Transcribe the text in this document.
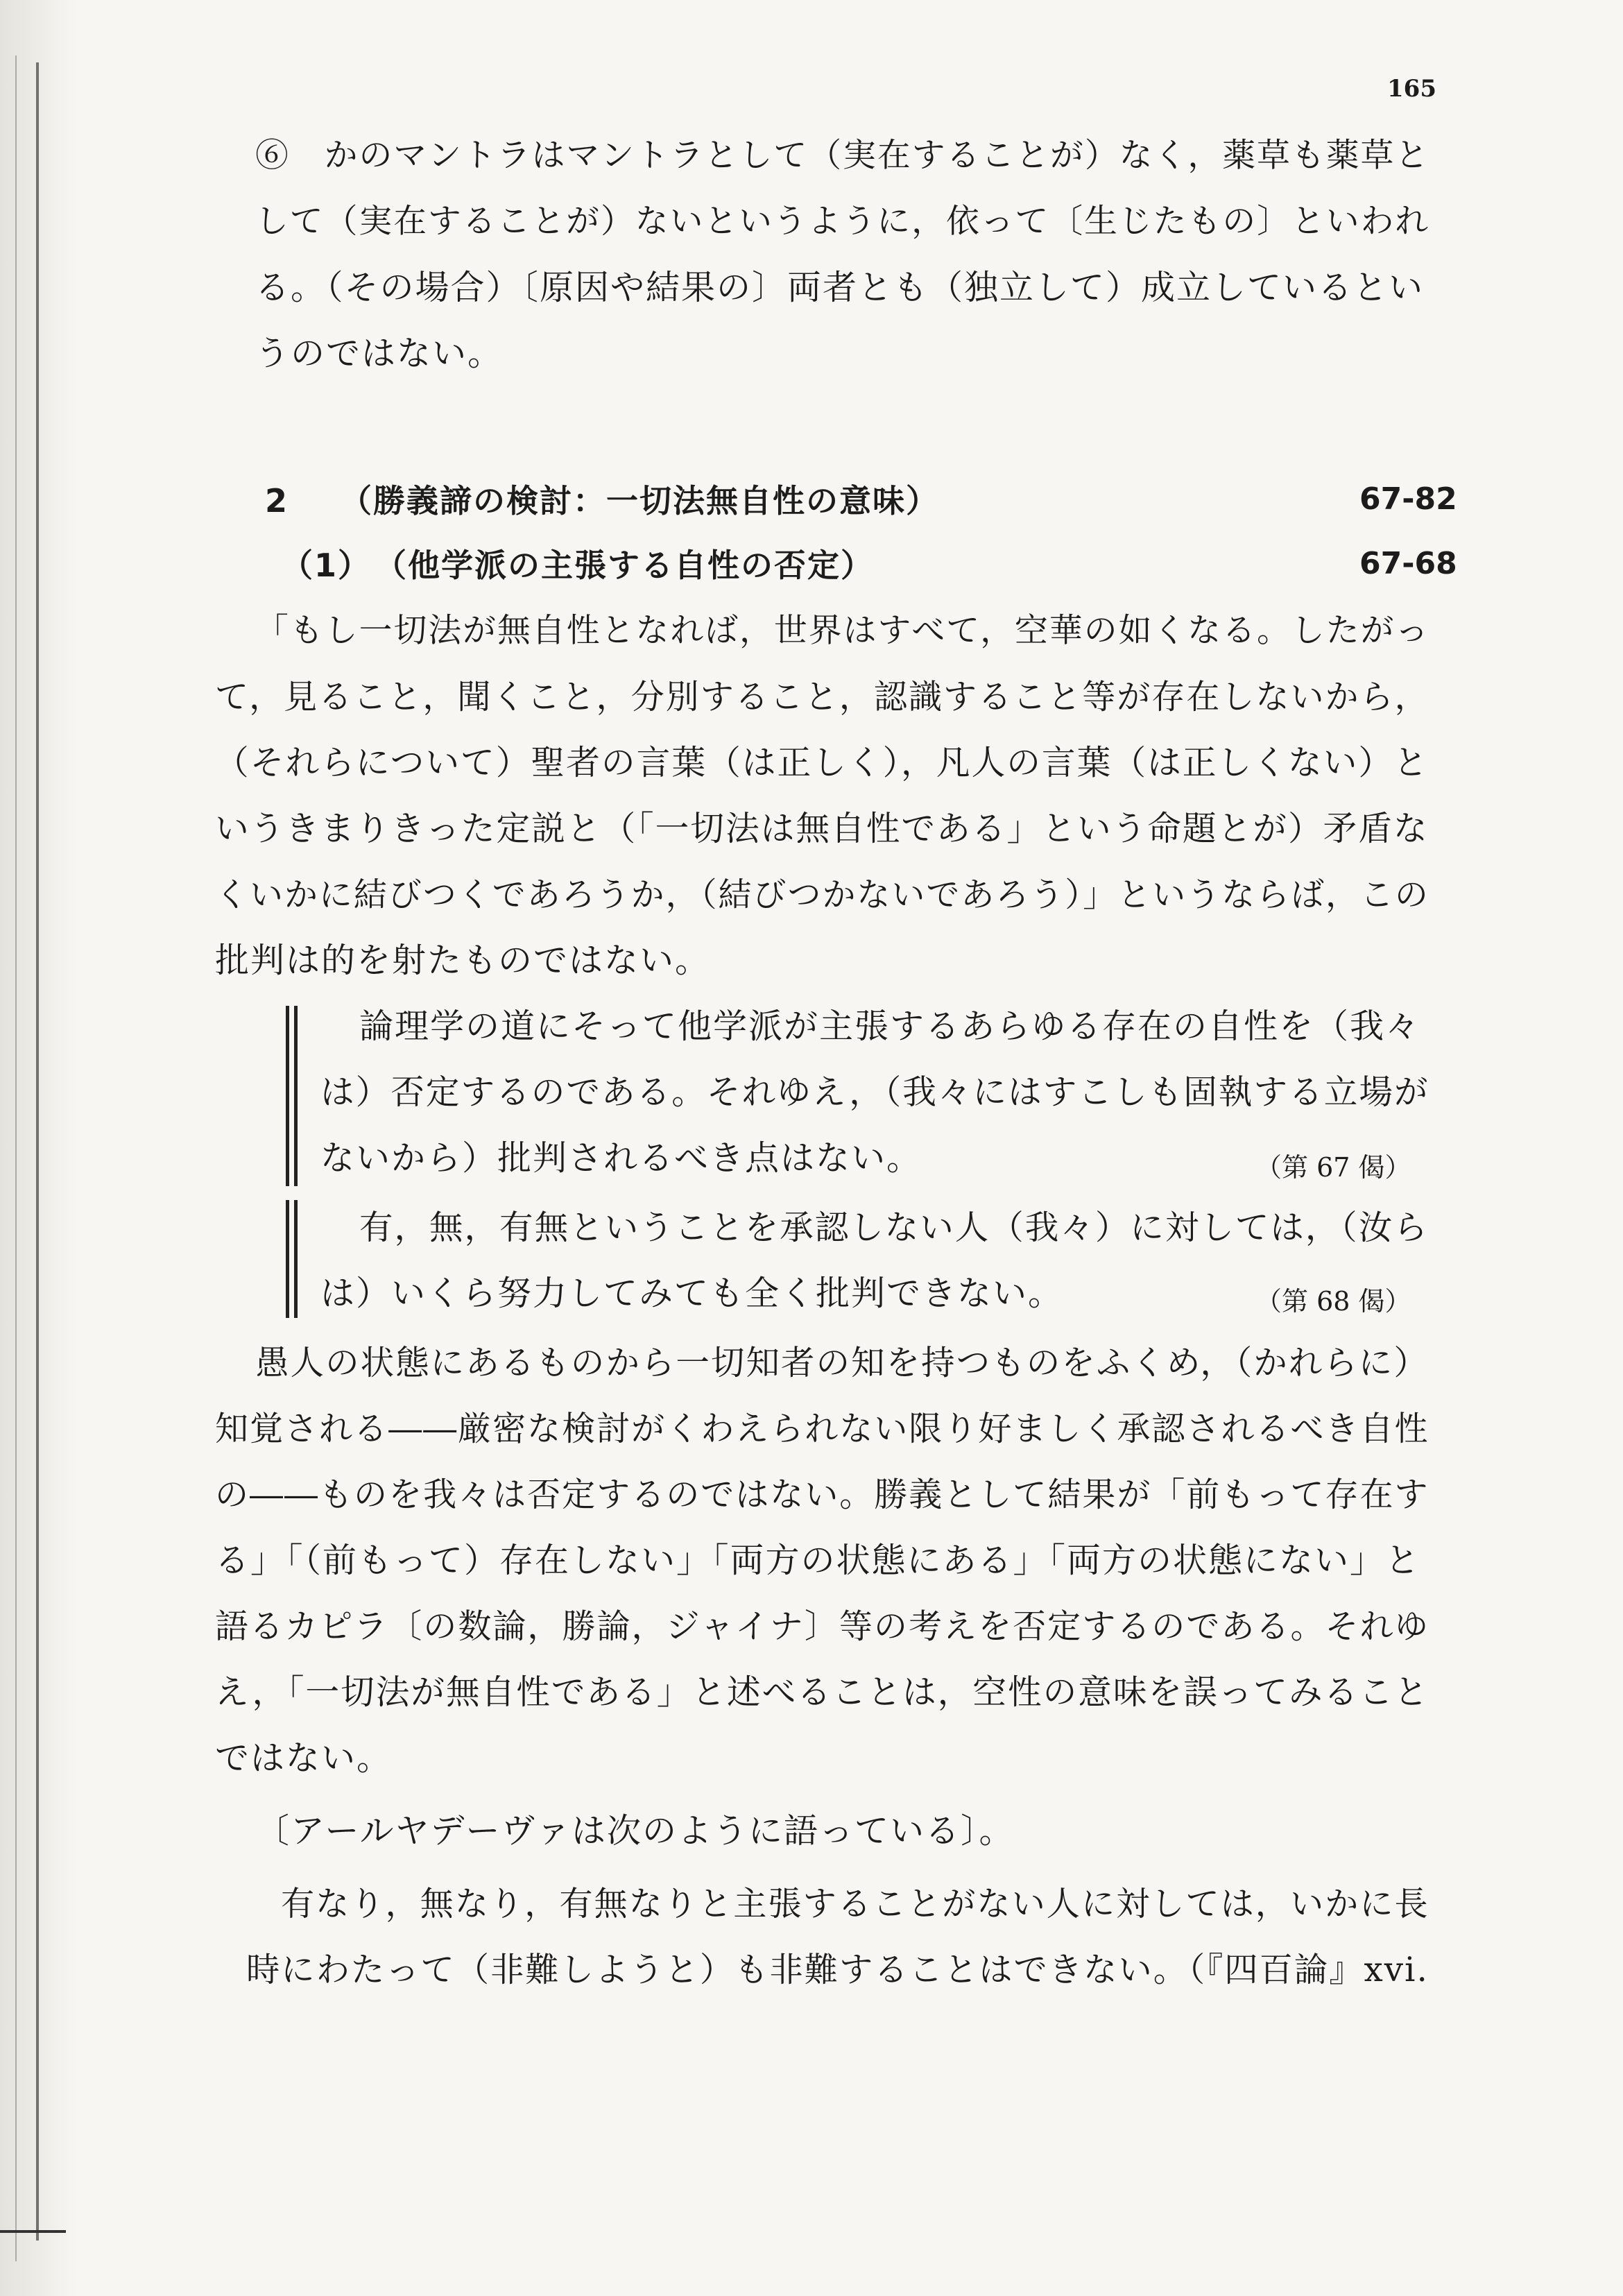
165
⑥　かのマントラはマントラとして（実在することが）なく，薬草も薬草と
して（実在することが）ないというように，依って〔生じたもの〕といわれ
る。（その場合）〔原因や結果の〕両者とも（独立して）成立しているとい
うのではない。
2 （勝義諦の検討：一切法無自性の意味）	67-82
（1） （他学派の主張する自性の否定）	67-68
「もし一切法が無自性となれば，世界はすべて，空華の如くなる。したがっ
て，見ること，聞くこと，分別すること，認識すること等が存在しないから，
（それらについて）聖者の言葉（は正しく），凡人の言葉（は正しくない）と
いうきまりきった定説と（「一切法は無自性である」という命題とが）矛盾な
くいかに結びつくであろうか，（結びつかないであろう）」というならば，この
批判は的を射たものではない。
論理学の道にそって他学派が主張するあらゆる存在の自性を（我々
は）否定するのである。それゆえ，（我々にはすこしも固執する立場が
ないから）批判されるべき点はない。	（第 67 偈）
有，無，有無ということを承認しない人（我々）に対しては，（汝ら
は）いくら努力してみても全く批判できない。	（第 68 偈）
愚人の状態にあるものから一切知者の知を持つものをふくめ，（かれらに）
知覚される――厳密な検討がくわえられない限り好ましく承認されるべき自性
の――ものを我々は否定するのではない。勝義として結果が「前もって存在す
る」「（前もって）存在しない」「両方の状態にある」「両方の状態にない」と
語るカピラ〔の数論，勝論，ジャイナ〕等の考えを否定するのである。それゆ
え，「一切法が無自性である」と述べることは，空性の意味を誤ってみること
ではない。
〔アールヤデーヴァは次のように語っている〕。
有なり，無なり，有無なりと主張することがない人に対しては，いかに長
時にわたって（非難しようと）も非難することはできない。（『四百論』xvi.
